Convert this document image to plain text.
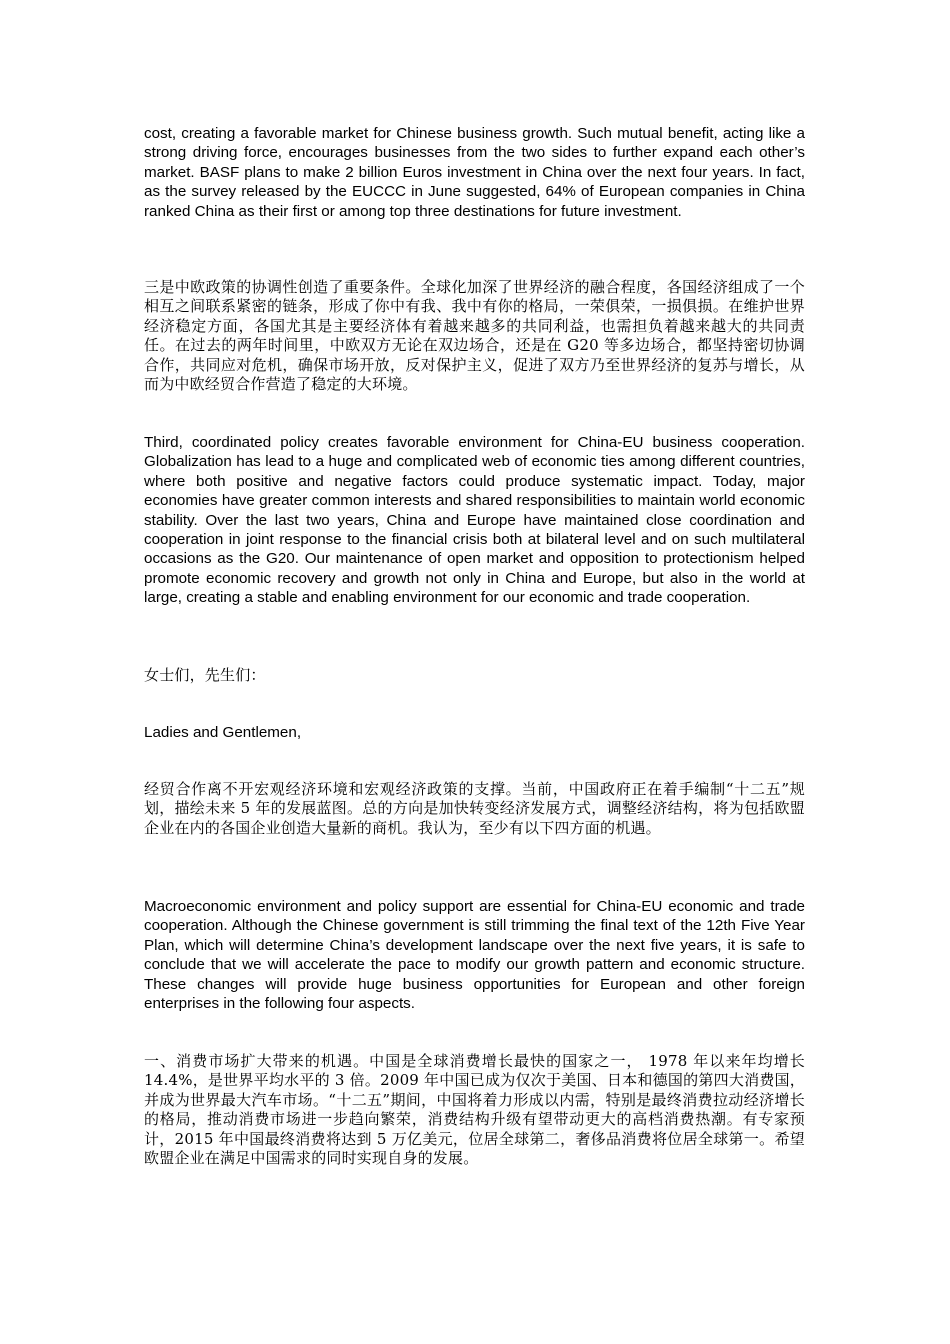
cost, creating a favorable market for Chinese business growth. Such mutual benefit, acting like a strong driving force, encourages businesses from the two sides to further expand each other’s market. BASF plans to make 2 billion Euros investment in China over the next four years. In fact, as the survey released by the EUCCC in June suggested, 64% of European companies in China ranked China as their first or among top three destinations for future investment.

三是中欧政策的协调性创造了重要条件。全球化加深了世界经济的融合程度，各国经济组成了一个相互之间联系紧密的链条，形成了你中有我、我中有你的格局，一荣俱荣，一损俱损。在维护世界经济稳定方面，各国尤其是主要经济体有着越来越多的共同利益，也需担负着越来越大的共同责任。在过去的两年时间里，中欧双方无论在双边场合，还是在 G20 等多边场合，都坚持密切协调合作，共同应对危机，确保市场开放，反对保护主义，促进了双方乃至世界经济的复苏与增长，从而为中欧经贸合作营造了稳定的大环境。

Third, coordinated policy creates favorable environment for China-EU business cooperation. Globalization has lead to a huge and complicated web of economic ties among different countries, where both positive and negative factors could produce systematic impact. Today, major economies have greater common interests and shared responsibilities to maintain world economic stability. Over the last two years, China and Europe have maintained close coordination and cooperation in joint response to the financial crisis both at bilateral level and on such multilateral occasions as the G20. Our maintenance of open market and opposition to protectionism helped promote economic recovery and growth not only in China and Europe, but also in the world at large, creating a stable and enabling environment for our economic and trade cooperation.

女士们，先生们：

Ladies and Gentlemen,

经贸合作离不开宏观经济环境和宏观经济政策的支撑。当前，中国政府正在着手编制“十二五”规划，描绘未来 5 年的发展蓝图。总的方向是加快转变经济发展方式，调整经济结构，将为包括欧盟企业在内的各国企业创造大量新的商机。我认为，至少有以下四方面的机遇。

Macroeconomic environment and policy support are essential for China-EU economic and trade cooperation. Although the Chinese government is still trimming the final text of the 12th Five Year Plan, which will determine China’s development landscape over the next five years, it is safe to conclude that we will accelerate the pace to modify our growth pattern and economic structure. These changes will provide huge business opportunities for European and other foreign enterprises in the following four aspects.

一、消费市场扩大带来的机遇。中国是全球消费增长最快的国家之一， 1978 年以来年均增长 14.4%，是世界平均水平的 3 倍。2009 年中国已成为仅次于美国、日本和德国的第四大消费国，并成为世界最大汽车市场。“十二五”期间，中国将着力形成以内需，特别是最终消费拉动经济增长的格局，推动消费市场进一步趋向繁荣，消费结构升级有望带动更大的高档消费热潮。有专家预计，2015 年中国最终消费将达到 5 万亿美元，位居全球第二，奢侈品消费将位居全球第一。希望欧盟企业在满足中国需求的同时实现自身的发展。
